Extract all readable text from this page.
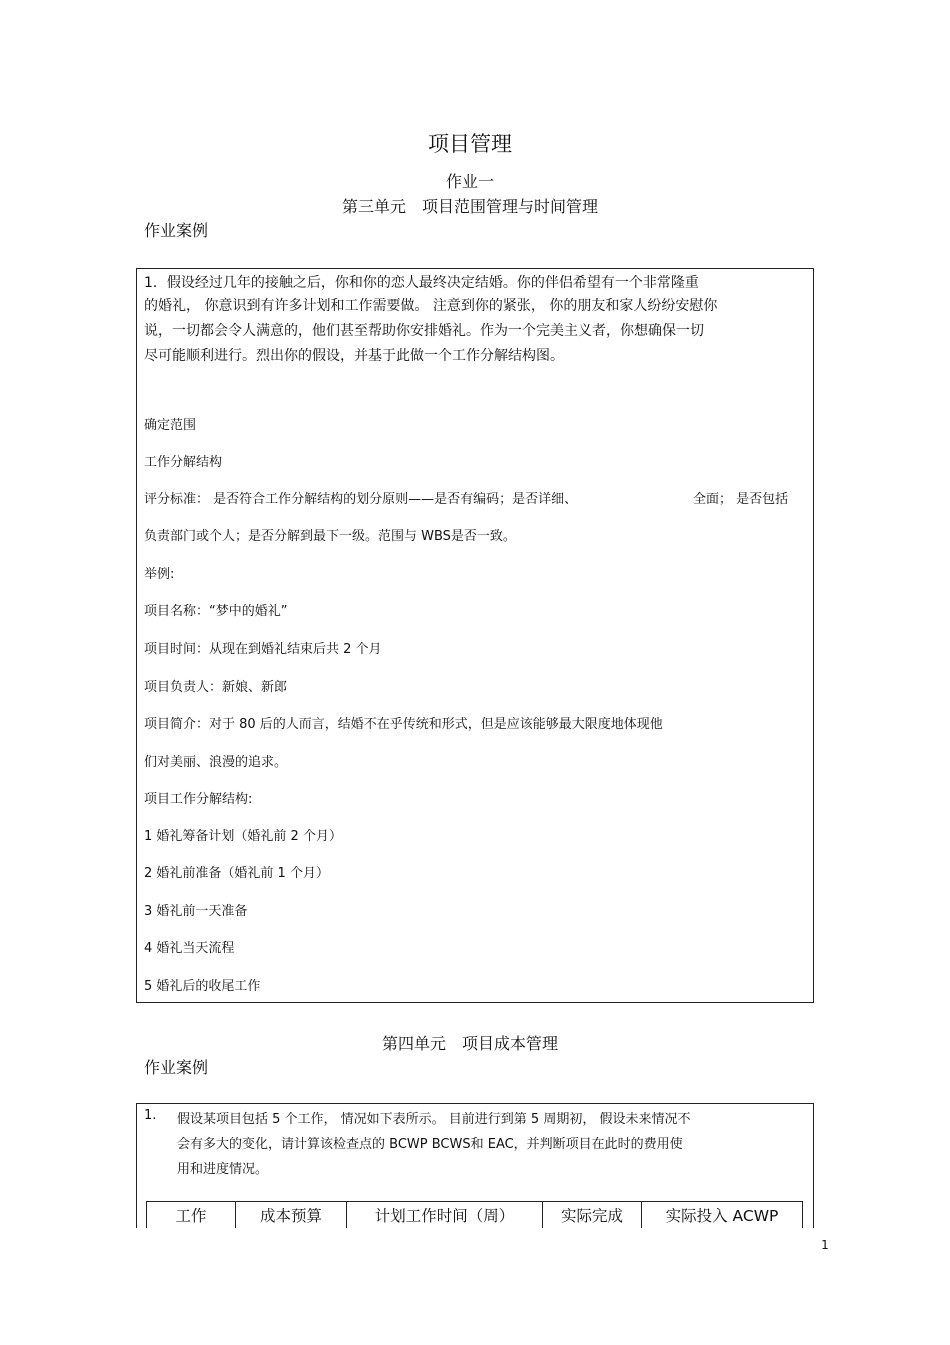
项目管理
作业一
第三单元　项目范围管理与时间管理
作业案例
1．假设经过几年的接触之后，你和你的恋人最终决定结婚。你的伴侣希望有一个非常隆重
的婚礼， 你意识到有许多计划和工作需要做。 注意到你的紧张， 你的朋友和家人纷纷安慰你
说，一切都会令人满意的，他们甚至帮助你安排婚礼。作为一个完美主义者，你想确保一切
尽可能顺利进行。烈出你的假设，并基于此做一个工作分解结构图。
确定范围
工作分解结构
评分标准： 是否符合工作分解结构的划分原则——是否有编码；是否详细、	全面； 是否包括
负责部门或个人；是否分解到最下一级。范围与 WBS是否一致。
举例:
项目名称：“梦中的婚礼”
项目时间：从现在到婚礼结束后共 2 个月
项目负责人：新娘、新郎
项目简介：对于 80 后的人而言，结婚不在乎传统和形式，但是应该能够最大限度地体现他
们对美丽、浪漫的追求。
项目工作分解结构:
1 婚礼筹备计划（婚礼前 2 个月）
2 婚礼前准备（婚礼前 1 个月）
3 婚礼前一天准备
4 婚礼当天流程
5 婚礼后的收尾工作
第四单元　项目成本管理
作业案例
1. 假设某项目包括 5 个工作， 情况如下表所示。 目前进行到第 5 周期初， 假设未来情况不
会有多大的变化，请计算该检查点的 BCWP BCWS和 EAC，并判断项目在此时的费用使
用和进度情况。
工作	成本预算	计划工作时间（周）	实际完成	实际投入 ACWP
1
